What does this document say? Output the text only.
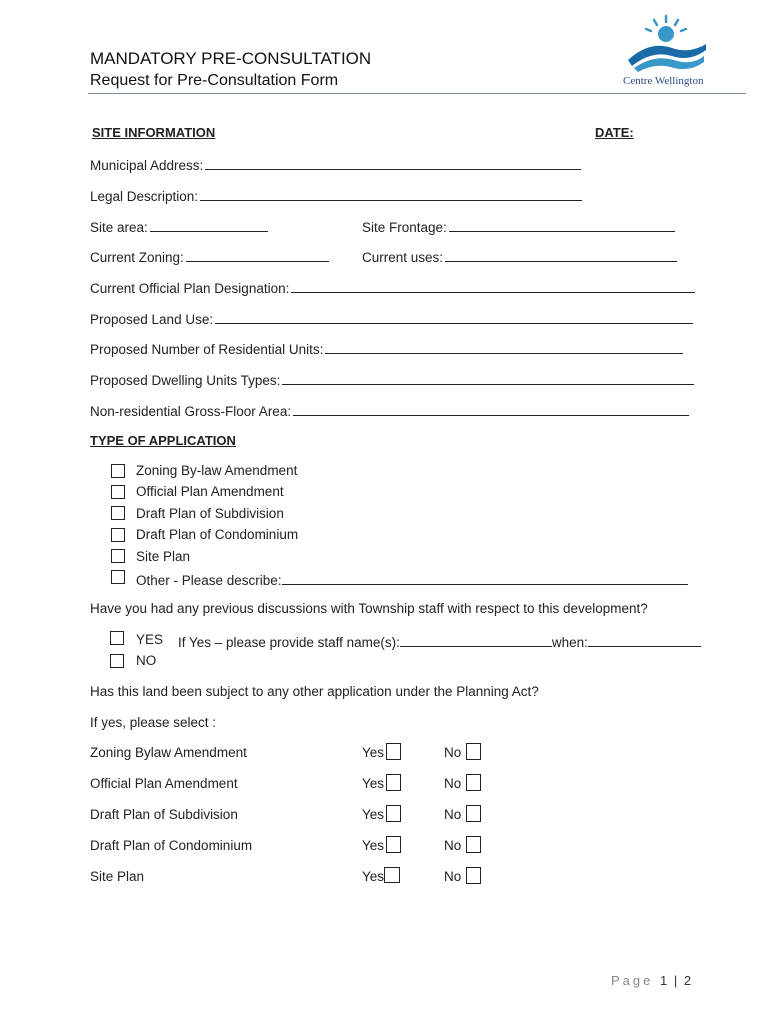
MANDATORY PRE-CONSULTATION
Request for Pre-Consultation Form	Centre Wellington
SITE INFORMATION	DATE:
Municipal Address:
Legal Description:
Site area:	Site Frontage:
Current Zoning:	Current uses:
Current Official Plan Designation:
Proposed Land Use:
Proposed Number of Residential Units:
Proposed Dwelling Units Types:
Non-residential Gross-Floor Area:
TYPE OF APPLICATION
Zoning By-law Amendment
Official Plan Amendment
Draft Plan of Subdivision
Draft Plan of Condominium
Site Plan
Other - Please describe:
Have you had any previous discussions with Township staff with respect to this development?
YES If Yes – please provide staff name(s):	when:
NO
Has this land been subject to any other application under the Planning Act?
If yes, please select :
Zoning Bylaw Amendment	Yes	No
Official Plan Amendment	Yes	No
Draft Plan of Subdivision	Yes	No
Draft Plan of Condominium	Yes	No
Site Plan	Yes	No
Page 1 | 2
